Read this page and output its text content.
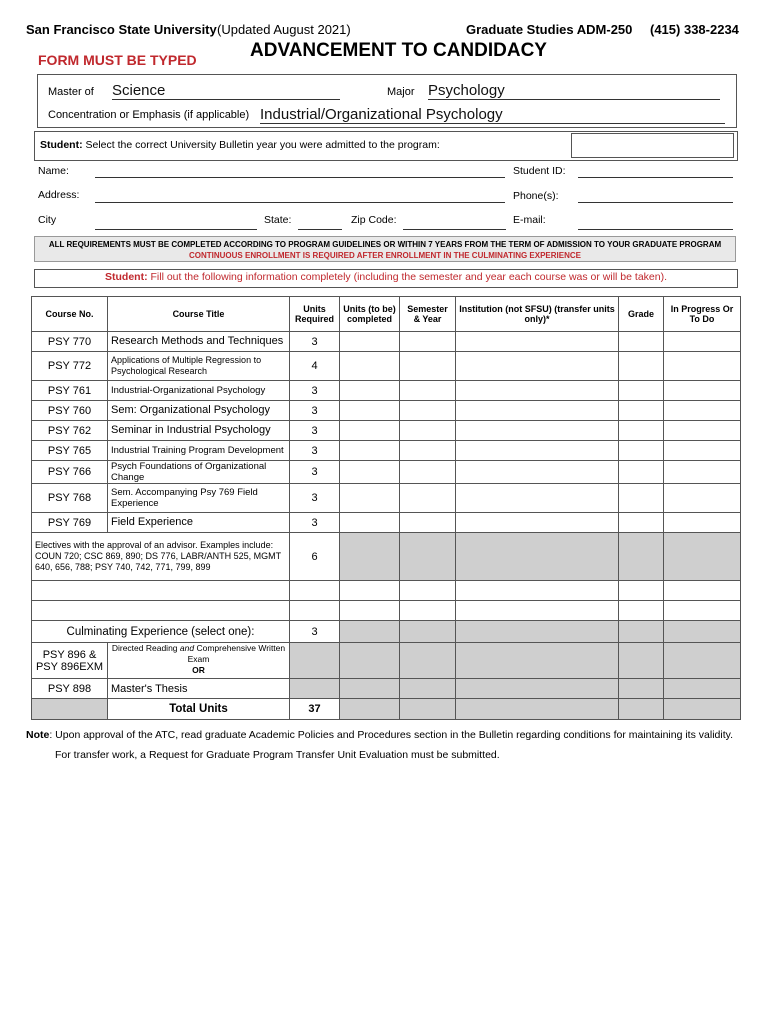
San Francisco State University (Updated August 2021)	Graduate Studies ADM-250 (415) 338-2234
FORM MUST BE TYPED	ADVANCEMENT TO CANDIDACY
Master of Science	Major Psychology
Concentration or Emphasis (if applicable) Industrial/Organizational Psychology
Student: Select the correct University Bulletin year you were admitted to the program:
Name:	Student ID:
Address:	Phone(s):
City	State:	Zip Code:	E-mail:
ALL REQUIREMENTS MUST BE COMPLETED ACCORDING TO PROGRAM GUIDELINES OR WITHIN 7 YEARS FROM THE TERM OF ADMISSION TO YOUR GRADUATE PROGRAM
CONTINUOUS ENROLLMENT IS REQUIRED AFTER ENROLLMENT IN THE CULMINATING EXPERIENCE
Student: Fill out the following information completely (including the semester and year each course was or will be taken).
Course No.	Course Title	Units Required	Units (to be) completed	Semester & Year	Institution (not SFSU) (transfer units only)*	Grade	In Progress Or To Do
PSY 770	Research Methods and Techniques	3					
PSY 772	Applications of Multiple Regression to Psychological Research	4					
PSY 761	Industrial-Organizational Psychology	3					
PSY 760	Sem: Organizational Psychology	3					
PSY 762	Seminar in Industrial Psychology	3					
PSY 765	Industrial Training Program Development	3					
PSY 766	Psych Foundations of Organizational Change	3					
PSY 768	Sem. Accompanying Psy 769 Field Experience	3					
PSY 769	Field Experience	3					
Electives with the approval of an advisor. Examples include: COUN 720; CSC 869, 890; DS 776, LABR/ANTH 525, MGMT 640, 656, 788; PSY 740, 742, 771, 799, 899		6					

Culminating Experience (select one):		3					
PSY 896 & PSY 896EXM	Directed Reading and Comprehensive Written Exam
OR						
PSY 898	Master's Thesis						
	Total Units	37					
Note: Upon approval of the ATC, read graduate Academic Policies and Procedures section in the Bulletin regarding conditions for maintaining its validity.
For transfer work, a Request for Graduate Program Transfer Unit Evaluation must be submitted.
